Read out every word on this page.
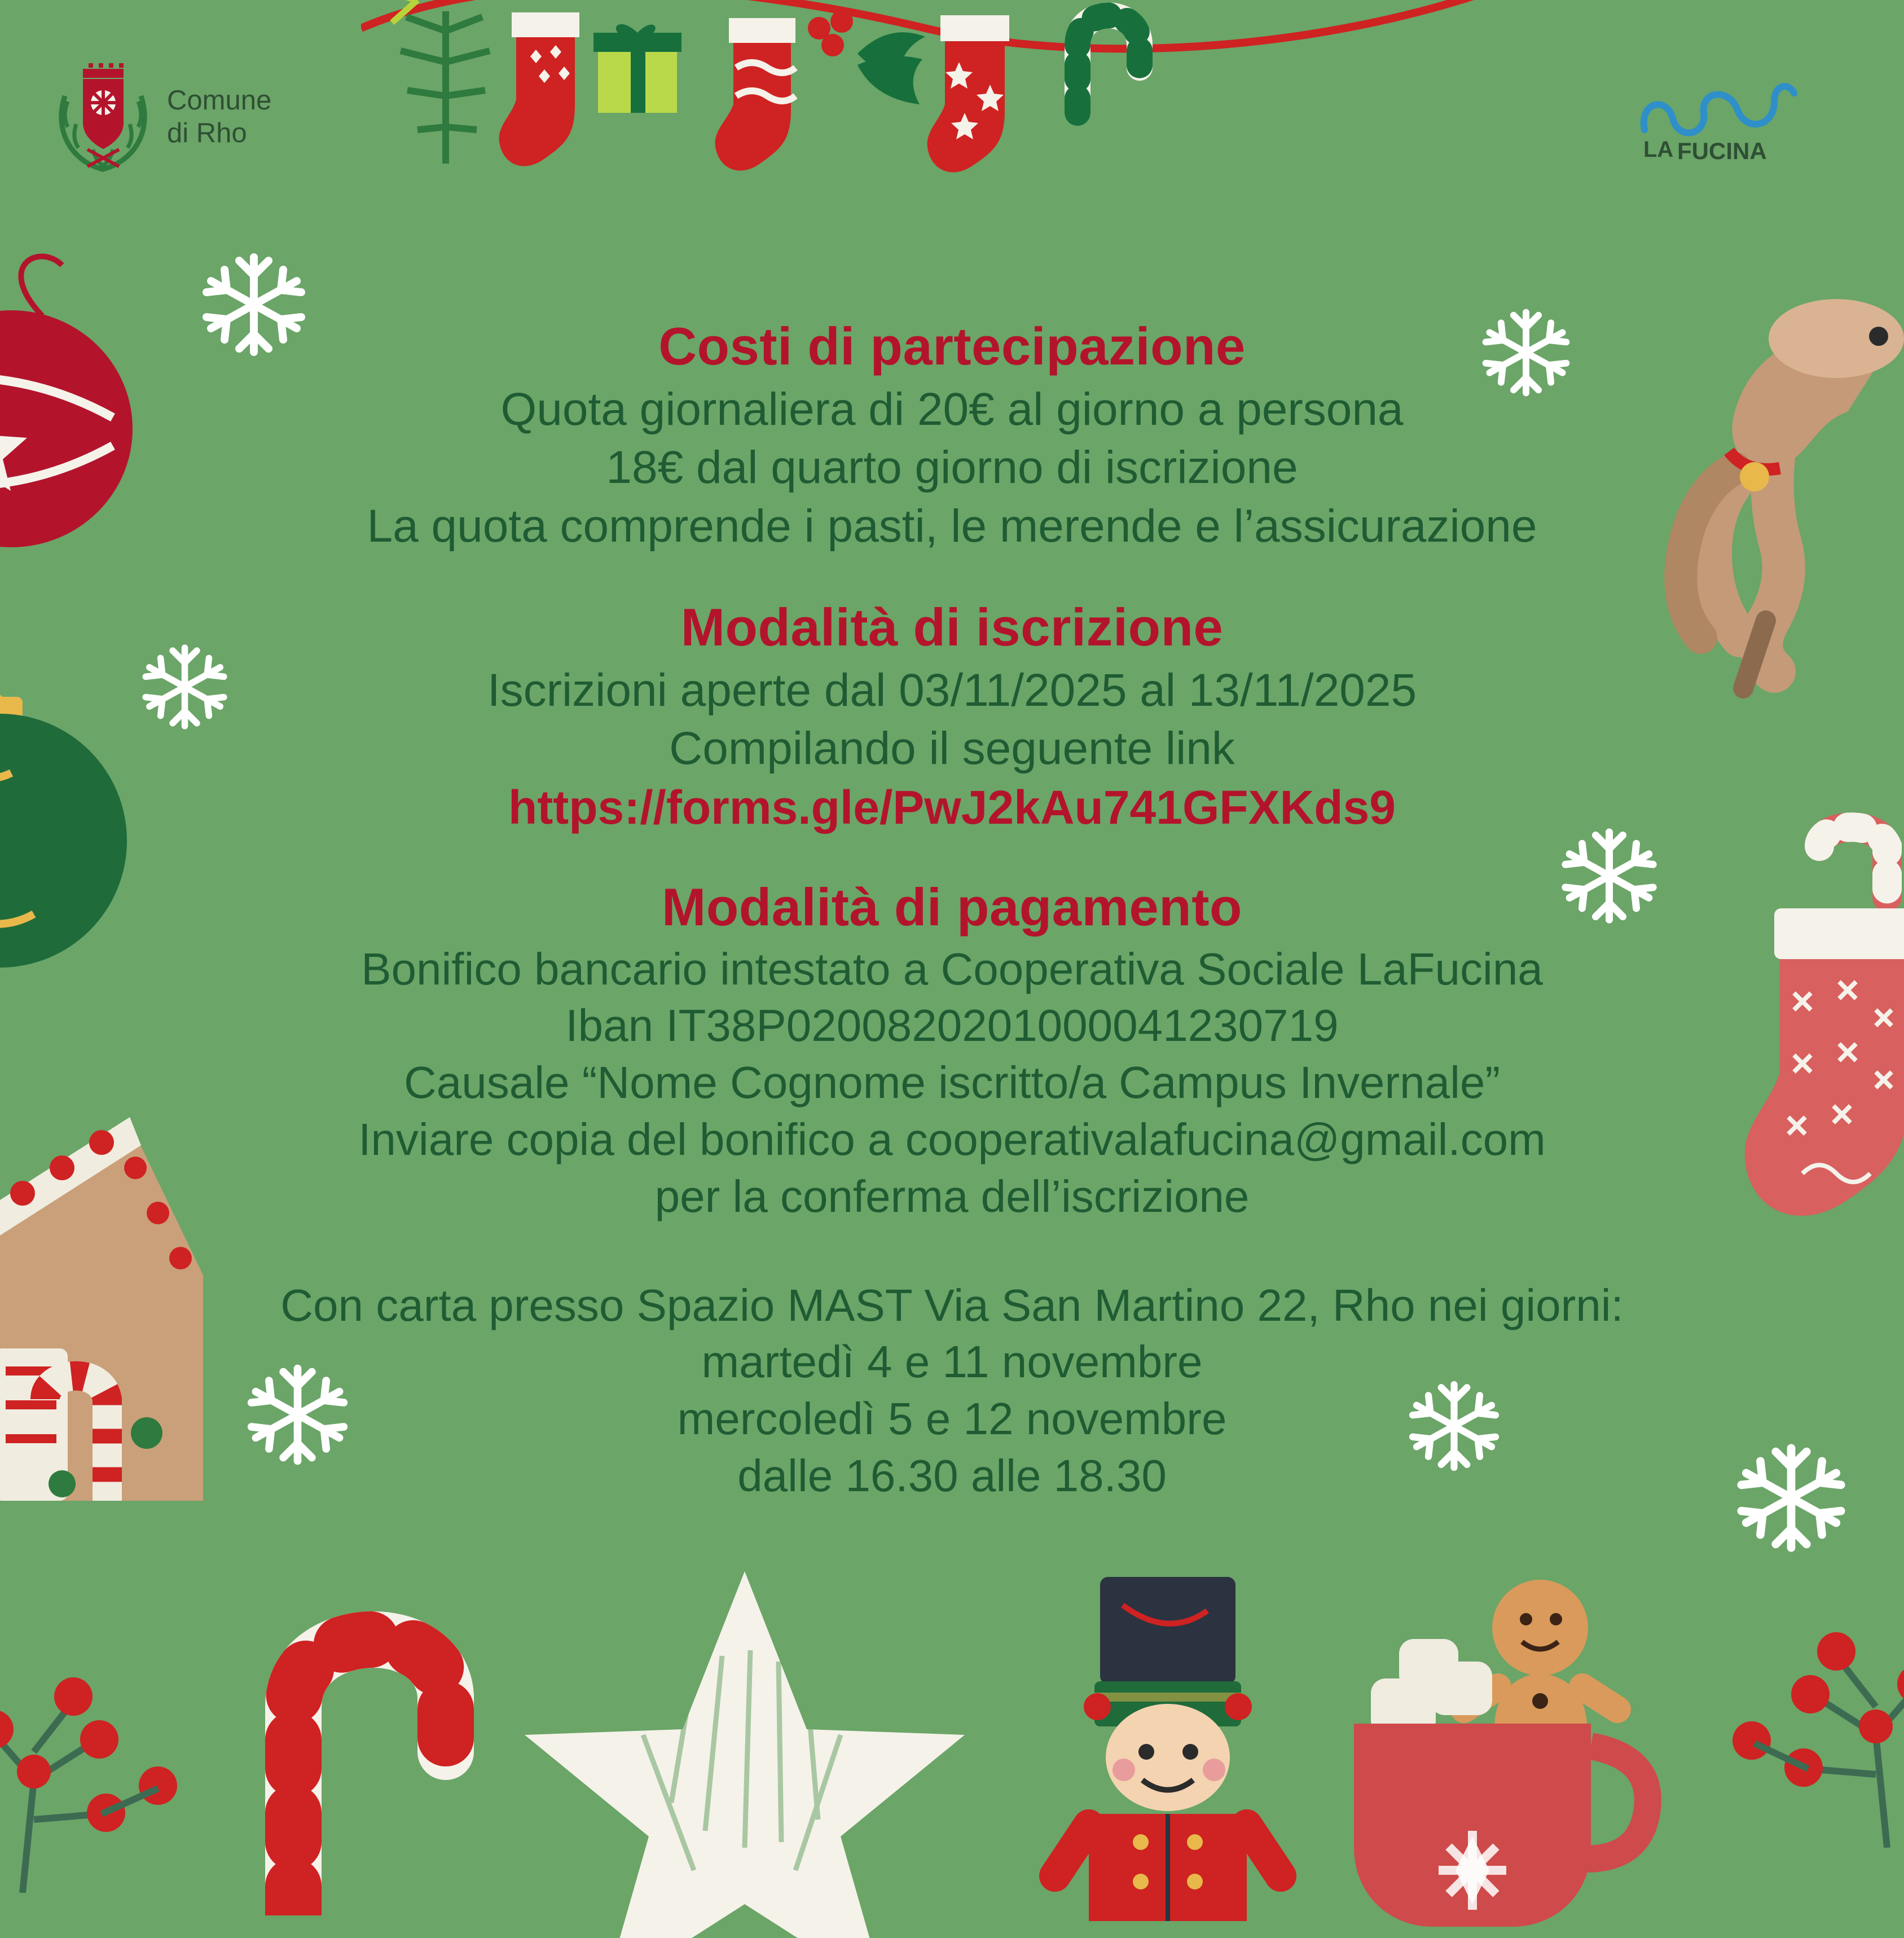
Comune
di Rho
LA FUCINA
Costi di partecipazione

Quota giornaliera di 20€ al giorno a persona

18€ dal quarto giorno di iscrizione

La quota comprende i pasti, le merende e l’assicurazione

Modalità di iscrizione

Iscrizioni aperte dal 03/11/2025 al 13/11/2025

Compilando il seguente link

https://forms.gle/PwJ2kAu741GFXKds9

Modalità di pagamento

Bonifico bancario intestato a Cooperativa Sociale LaFucina

Iban IT38P0200820201000041230719

Causale “Nome Cognome iscritto/a Campus Invernale”

Inviare copia del bonifico a cooperativalafucina@gmail.com

per la conferma dell’iscrizione

Con carta presso Spazio MAST Via San Martino 22, Rho nei giorni:

martedì 4 e 11 novembre

mercoledì 5 e 12 novembre

dalle 16.30 alle 18.30
